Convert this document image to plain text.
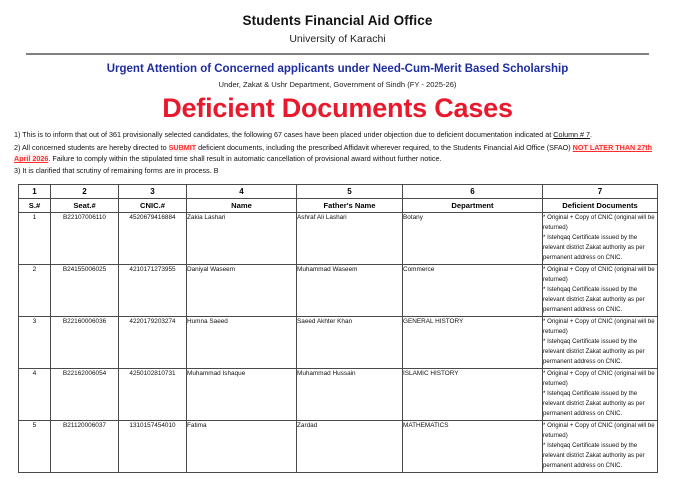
Students Financial Aid Office
University of Karachi
Urgent Attention of Concerned applicants under Need-Cum-Merit Based Scholarship
Under, Zakat & Ushr Department, Government of Sindh (FY - 2025-26)
Deficient Documents Cases

1) This is to inform that out of 361 provisionally selected candidates, the following 67 cases have been placed under objection due to deficient documentation indicated at Column # 7.

2) All concerned students are hereby directed to SUBMIT deficient documents, including the prescribed Affidavit wherever required, to the Students Financial Aid Office (SFAO) NOT LATER THAN 27th April 2026. Failure to comply within the stipulated time shall result in automatic cancellation of provisional award without further notice.

3) It is clarified that scrutiny of remaining forms are in process. B

1	2	3	4	5	6	7
S.#	Seat.#	CNIC.#	Name	Father's Name	Department	Deficient Documents
1	B22107006110	4520679416884	Zakia Lashari	Ashraf Ali Lashari	Botany	* Original + Copy of CNIC (original will be returned)
* Istehqaq Certificate issued by the relevant district Zakat authority as per permanent address on CNIC.

2	B24155006025	4210171273955	Daniyal Waseem	Muhammad Waseem	Commerce	* Original + Copy of CNIC (original will be returned)
* Istehqaq Certificate issued by the relevant district Zakat authority as per permanent address on CNIC.

3	B22160006036	4220179203274	Humna Saeed	Saeed Akhter Khan	GENERAL HISTORY	* Original + Copy of CNIC (original will be returned)
* Istehqaq Certificate issued by the relevant district Zakat authority as per permanent address on CNIC.

4	B22162006054	4250102810731	Muhammad Ishaque	Muhammad Hussain	ISLAMIC HISTORY	* Original + Copy of CNIC (original will be returned)
* Istehqaq Certificate issued by the relevant district Zakat authority as per permanent address on CNIC.

5	B21120006037	1310157454010	Fatima	Zardad	MATHEMATICS	* Original + Copy of CNIC (original will be returned)
* Istehqaq Certificate issued by the relevant district Zakat authority as per permanent address on CNIC.
